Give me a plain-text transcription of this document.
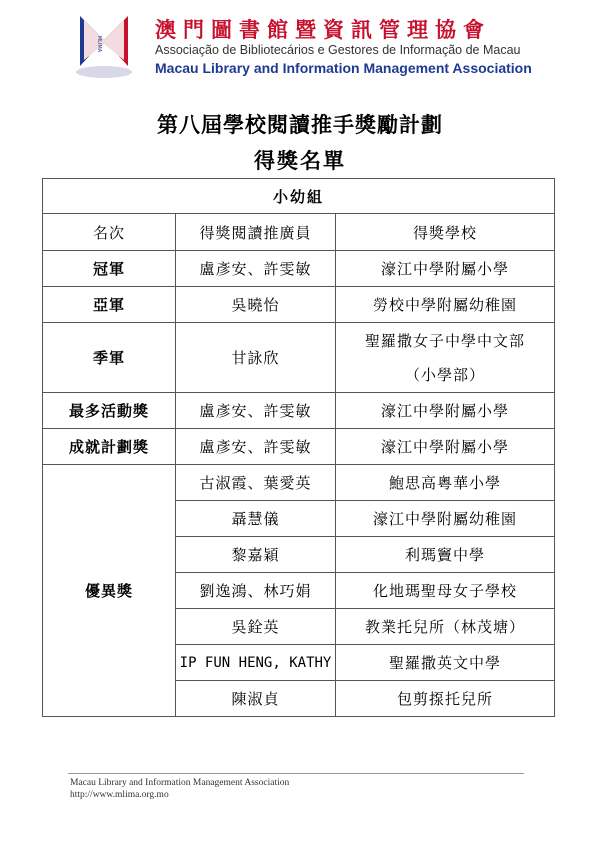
MLIMA
澳門圖書館暨資訊管理協會
Associação de Bibliotecários e Gestores de Informação de Macau
Macau Library and Information Management Association
第八屆學校閱讀推手獎勵計劃
得獎名單
小幼組		
名次	得獎閱讀推廣員	得獎學校
冠軍	盧彥安、許雯敏	濠江中學附屬小學
亞軍	吳曉怡	勞校中學附屬幼稚園
季軍	甘詠欣	聖羅撒女子中學中文部
（小學部）

最多活動獎	盧彥安、許雯敏	濠江中學附屬小學
成就計劃獎	盧彥安、許雯敏	濠江中學附屬小學
優異獎	古淑霞、葉愛英	鮑思高粵華小學
	聶慧儀	濠江中學附屬幼稚園
	黎嘉穎	利瑪竇中學
	劉逸鴻、林巧娟	化地瑪聖母女子學校
	吳銓英	教業托兒所（林茂塘）
	IP FUN HENG, KATHY	聖羅撒英文中學
	陳淑貞	包剪揼托兒所
Macau Library and Information Management Association
http://www.mlima.org.mo
